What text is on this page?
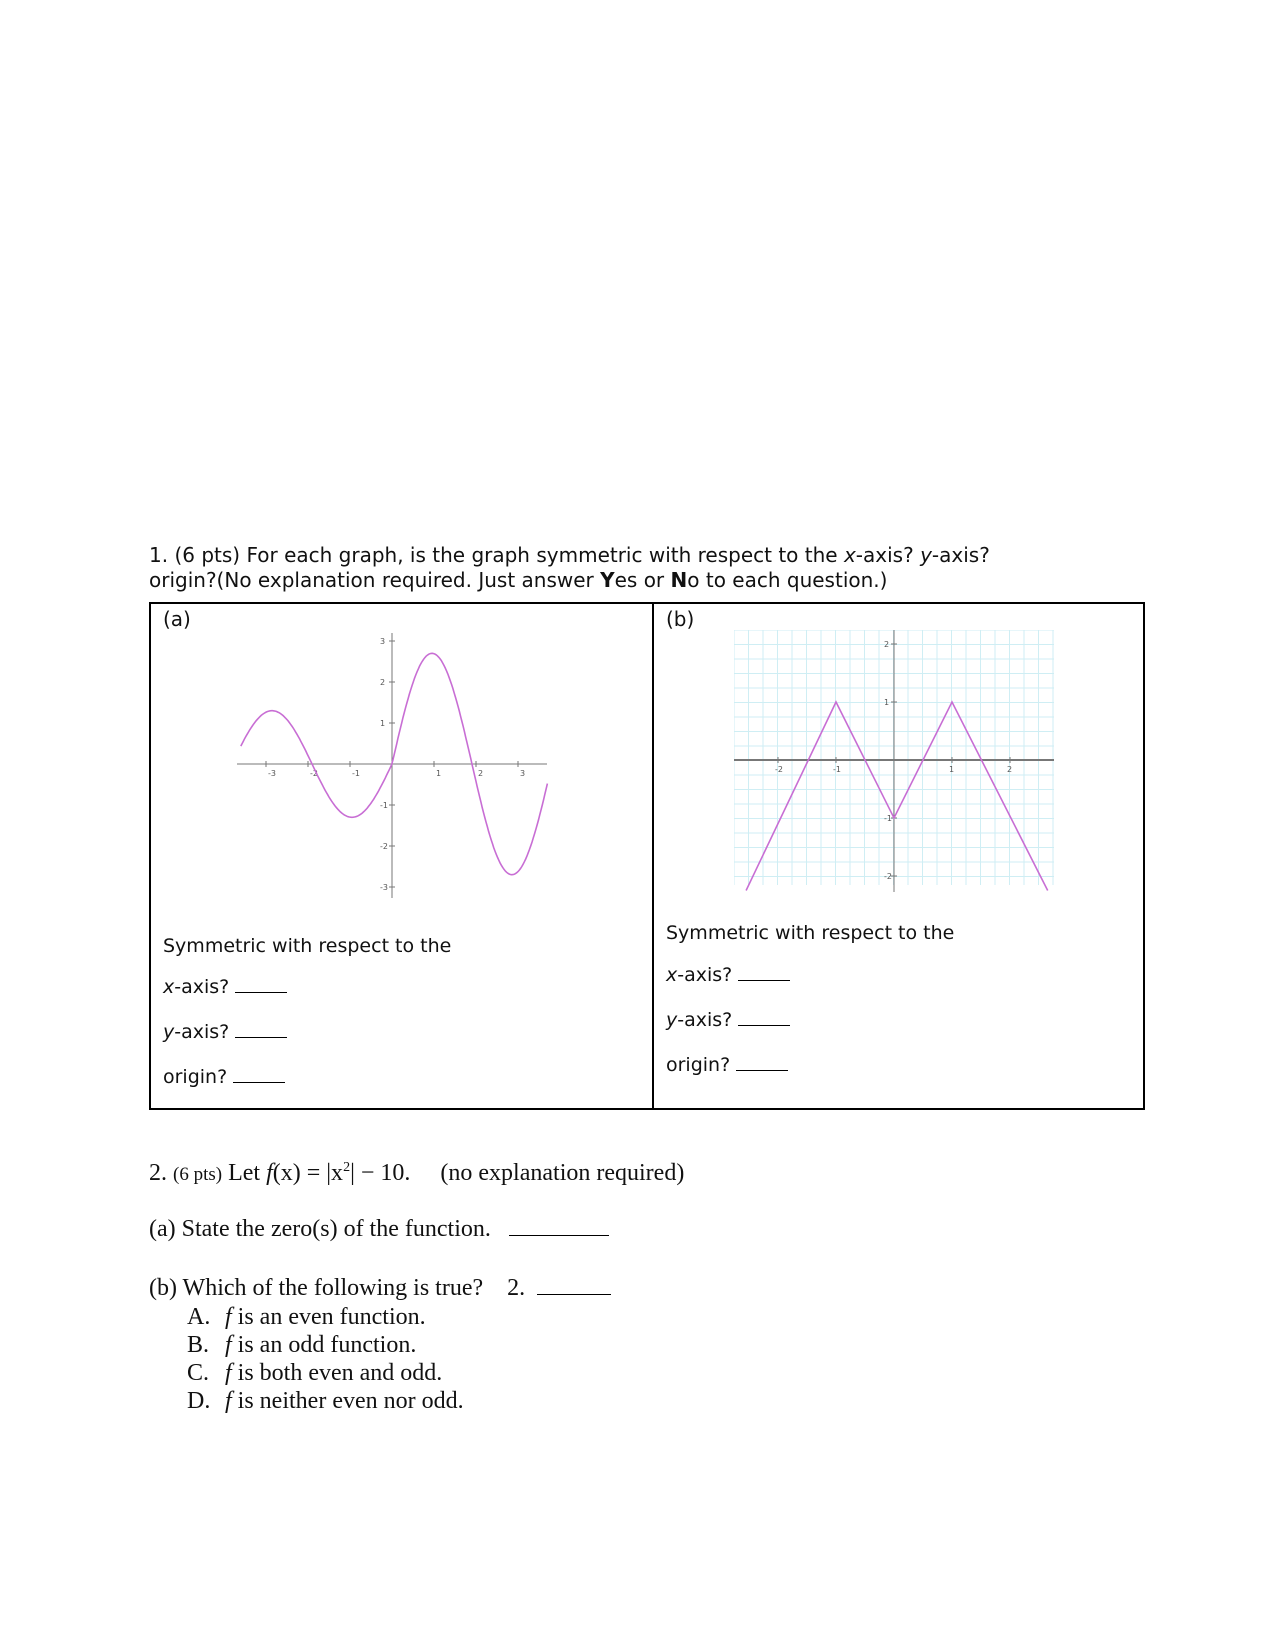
1. (6 pts) For each graph, is the graph symmetric with respect to the x-axis? y-axis?
origin?(No explanation required. Just answer Yes or No to each question.)
(a)
-3	-2	-1	1	2	3
3
2
1
-1
-2
-3
Symmetric with respect to the
x-axis?
y-axis?
origin?
(b)
-2	-1	1	2
2
1
-1
-2
Symmetric with respect to the
x-axis?
y-axis?
origin?
2. (6 pts) Let $f(x) = |x^2| - 10$. (no explanation required)
(a) State the zero(s) of the function.
(b) Which of the following is true? 2.
A. f is an even function.
B. f is an odd function.
C. f is both even and odd.
D. f is neither even nor odd.
